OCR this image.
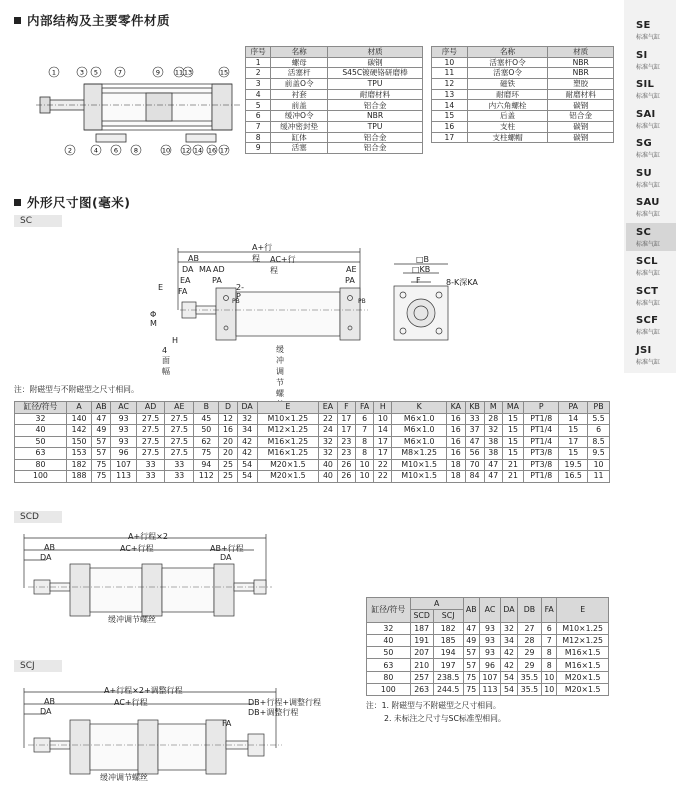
内部结构及主要零件材质
1	3 5	7	9 11 13	15
2	4 6 8	10 12 14 16 17
序号	名称	材质
1	螺母	碳钢
2	活塞杆	S45C镀硬铬研磨棒
3	前盖O令	TPU
4	衬套	耐磨材料
5	前盖	铝合金
6	缓冲O令	NBR
7	缓冲密封垫	TPU
8	缸体	铝合金
9	活塞	铝合金
序号	名称	材质
10	活塞杆O令	NBR
11	活塞O令	NBR
12	磁铁	塑胶
13	耐磨环	耐磨材料
14	内六角螺栓	碳钢
15	后盖	铝合金
16	支柱	碳钢
17	支柱螺帽	碳钢
外形尺寸图(毫米)
SC
A+行程
AB	AC+行程
DA MA AD	AE
EA	PA	PA
E	2-P
FA
PB	PB
Φ M
H
4面幅
缓冲调节螺
□B
□KB
F	8-K深KA
注：附磁型与不附磁型之尺寸相同。
缸径/符号	A	AB	AC	AD	AE	B	D	DA	E	EA	F	FA	H	K	KA	KB	M	MA	P	PA	PB
32	140	47	93	27.5	27.5	45	12	32	M10×1.25	22	17	6	10	M6×1.0	16	33	28	15	PT1/8	14	5.5
40	142	49	93	27.5	27.5	50	16	34	M12×1.25	24	17	7	14	M6×1.0	16	37	32	15	PT1/4	15	6
50	150	57	93	27.5	27.5	62	20	42	M16×1.25	32	23	8	17	M6×1.0	16	47	38	15	PT1/4	17	8.5
63	153	57	96	27.5	27.5	75	20	42	M16×1.25	32	23	8	17	M8×1.25	16	56	38	15	PT3/8	15	9.5
80	182	75	107	33	33	94	25	54	M20×1.5	40	26	10	22	M10×1.5	18	70	47	21	PT3/8	19.5	10
100	188	75	113	33	33	112	25	54	M20×1.5	40	26	10	22	M10×1.5	18	84	47	21	PT1/8	16.5	11
SCD
A+行程×2
AB	AC+行程	AB+行程
DA	DA
缓冲调节螺丝
缸径/符号	A		AB	AC	DA	DB	FA	E
	SCD	SCJ						
32	187	182	47	93	32	27	6	M10×1.25
40	191	185	49	93	34	28	7	M12×1.25
50	207	194	57	93	42	29	8	M16×1.5
63	210	197	57	96	42	29	8	M16×1.5
80	257	238.5	75	107	54	35.5	10	M20×1.5
100	263	244.5	75	113	54	35.5	10	M20×1.5
注：1. 附磁型与不附磁型之尺寸相同。
2. 未标注之尺寸与SC标准型相同。
SCJ
A+行程×2+调整行程
AB	AC+行程
DA
DB+行程+调整行程
DB+调整行程
FA
缓冲调节螺丝
SE
标准气缸
SI
标准气缸
SIL
标准气缸
SAI
标准气缸
SG
标准气缸
SU
标准气缸
SAU
标准气缸
SC
标准气缸
SCL
标准气缸
SCT
标准气缸
SCF
标准气缸
JSI
标准气缸
